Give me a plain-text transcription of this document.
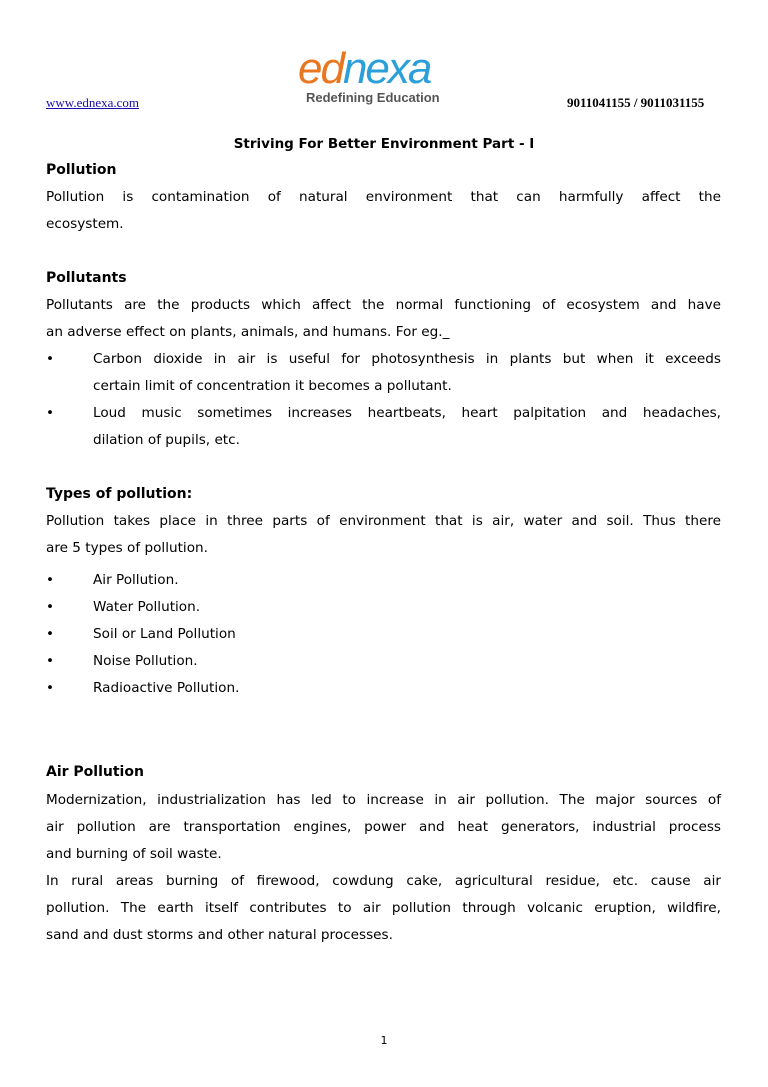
www.ednexa.com
ednexa
Redefining Education	9011041155 / 9011031155
Striving For Better Environment Part - I
Pollution
Pollution is contamination of natural environment that can harmfully affect the
ecosystem.
Pollutants
Pollutants are the products which affect the normal functioning of ecosystem and have
an adverse effect on plants, animals, and humans. For eg._
•	Carbon dioxide in air is useful for photosynthesis in plants but when it exceeds
certain limit of concentration it becomes a pollutant.
•	Loud music sometimes increases heartbeats, heart palpitation and headaches,
dilation of pupils, etc.
Types of pollution:
Pollution takes place in three parts of environment that is air, water and soil. Thus there
are 5 types of pollution.
•	Air Pollution.
•	Water Pollution.
•	Soil or Land Pollution
•	Noise Pollution.
•	Radioactive Pollution.
Air Pollution
Modernization, industrialization has led to increase in air pollution. The major sources of
air pollution are transportation engines, power and heat generators, industrial process
and burning of soil waste.
In rural areas burning of firewood, cowdung cake, agricultural residue, etc. cause air
pollution. The earth itself contributes to air pollution through volcanic eruption, wildfire,
sand and dust storms and other natural processes.
1
